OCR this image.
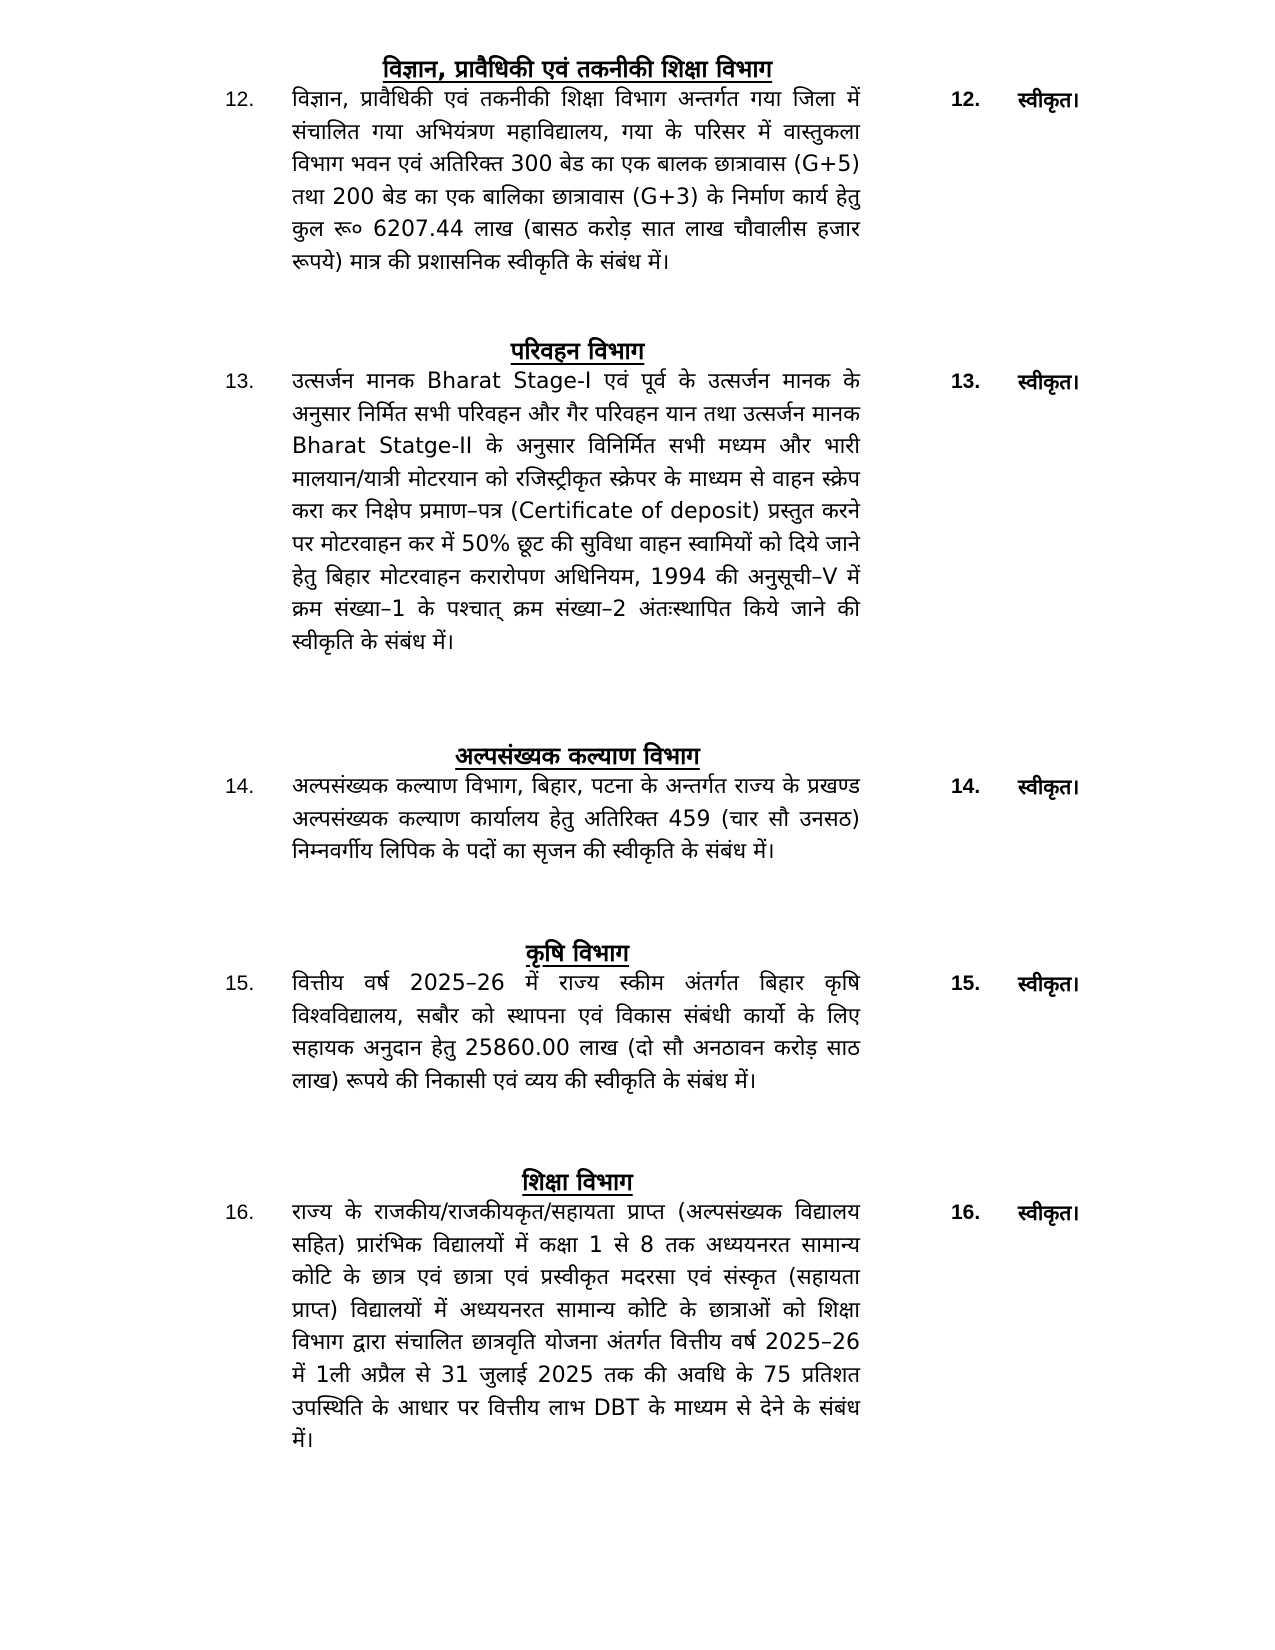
विज्ञान, प्रावैधिकी एवं तकनीकी शिक्षा विभाग
12. विज्ञान, प्रावैधिकी एवं तकनीकी शिक्षा विभाग अन्तर्गत गया जिला में संचालित गया अभियंत्रण महाविद्यालय, गया के परिसर में वास्तुकला विभाग भवन एवं अतिरिक्त 300 बेड का एक बालक छात्रावास (G+5) तथा 200 बेड का एक बालिका छात्रावास (G+3) के निर्माण कार्य हेतु कुल रू० 6207.44 लाख (बासठ करोड़ सात लाख चौवालीस हजार रूपये) मात्र की प्रशासनिक स्वीकृति के संबंध में।

12. स्वीकृत।
परिवहन विभाग
13. उत्सर्जन मानक Bharat Stage-I एवं पूर्व के उत्सर्जन मानक के अनुसार निर्मित सभी परिवहन और गैर परिवहन यान तथा उत्सर्जन मानक Bharat Statge-II के अनुसार विनिर्मित सभी मध्यम और भारी मालयान/यात्री मोटरयान को रजिस्ट्रीकृत स्क्रेपर के माध्यम से वाहन स्क्रेप करा कर निक्षेप प्रमाण–पत्र (Certificate of deposit) प्रस्तुत करने पर मोटरवाहन कर में 50% छूट की सुविधा वाहन स्वामियों को दिये जाने हेतु बिहार मोटरवाहन करारोपण अधिनियम, 1994 की अनुसूची–V में क्रम संख्या–1 के पश्चात् क्रम संख्या–2 अंतःस्थापित किये जाने की स्वीकृति के संबंध में।

13. स्वीकृत।
अल्पसंख्यक कल्याण विभाग
14. अल्पसंख्यक कल्याण विभाग, बिहार, पटना के अन्तर्गत राज्य के प्रखण्ड अल्पसंख्यक कल्याण कार्यालय हेतु अतिरिक्त 459 (चार सौ उनसठ) निम्नवर्गीय लिपिक के पदों का सृजन की स्वीकृति के संबंध में।

14. स्वीकृत।
कृषि विभाग
15. वित्तीय वर्ष 2025–26 में राज्य स्कीम अंतर्गत बिहार कृषि विश्वविद्यालय, सबौर को स्थापना एवं विकास संबंधी कार्यो के लिए सहायक अनुदान हेतु 25860.00 लाख (दो सौ अनठावन करोड़ साठ लाख) रूपये की निकासी एवं व्यय की स्वीकृति के संबंध में।

15. स्वीकृत।
शिक्षा विभाग
16. राज्य के राजकीय/राजकीयकृत/सहायता प्राप्त (अल्पसंख्यक विद्यालय सहित) प्रारंभिक विद्यालयों में कक्षा 1 से 8 तक अध्ययनरत सामान्य कोटि के छात्र एवं छात्रा एवं प्रस्वीकृत मदरसा एवं संस्कृत (सहायता प्राप्त) विद्यालयों में अध्ययनरत सामान्य कोटि के छात्राओं को शिक्षा विभाग द्वारा संचालित छात्रवृति योजना अंतर्गत वित्तीय वर्ष 2025–26 में 1ली अप्रैल से 31 जुलाई 2025 तक की अवधि के 75 प्रतिशत उपस्थिति के आधार पर वित्तीय लाभ DBT के माध्यम से देने के संबंध में।

16. स्वीकृत।
